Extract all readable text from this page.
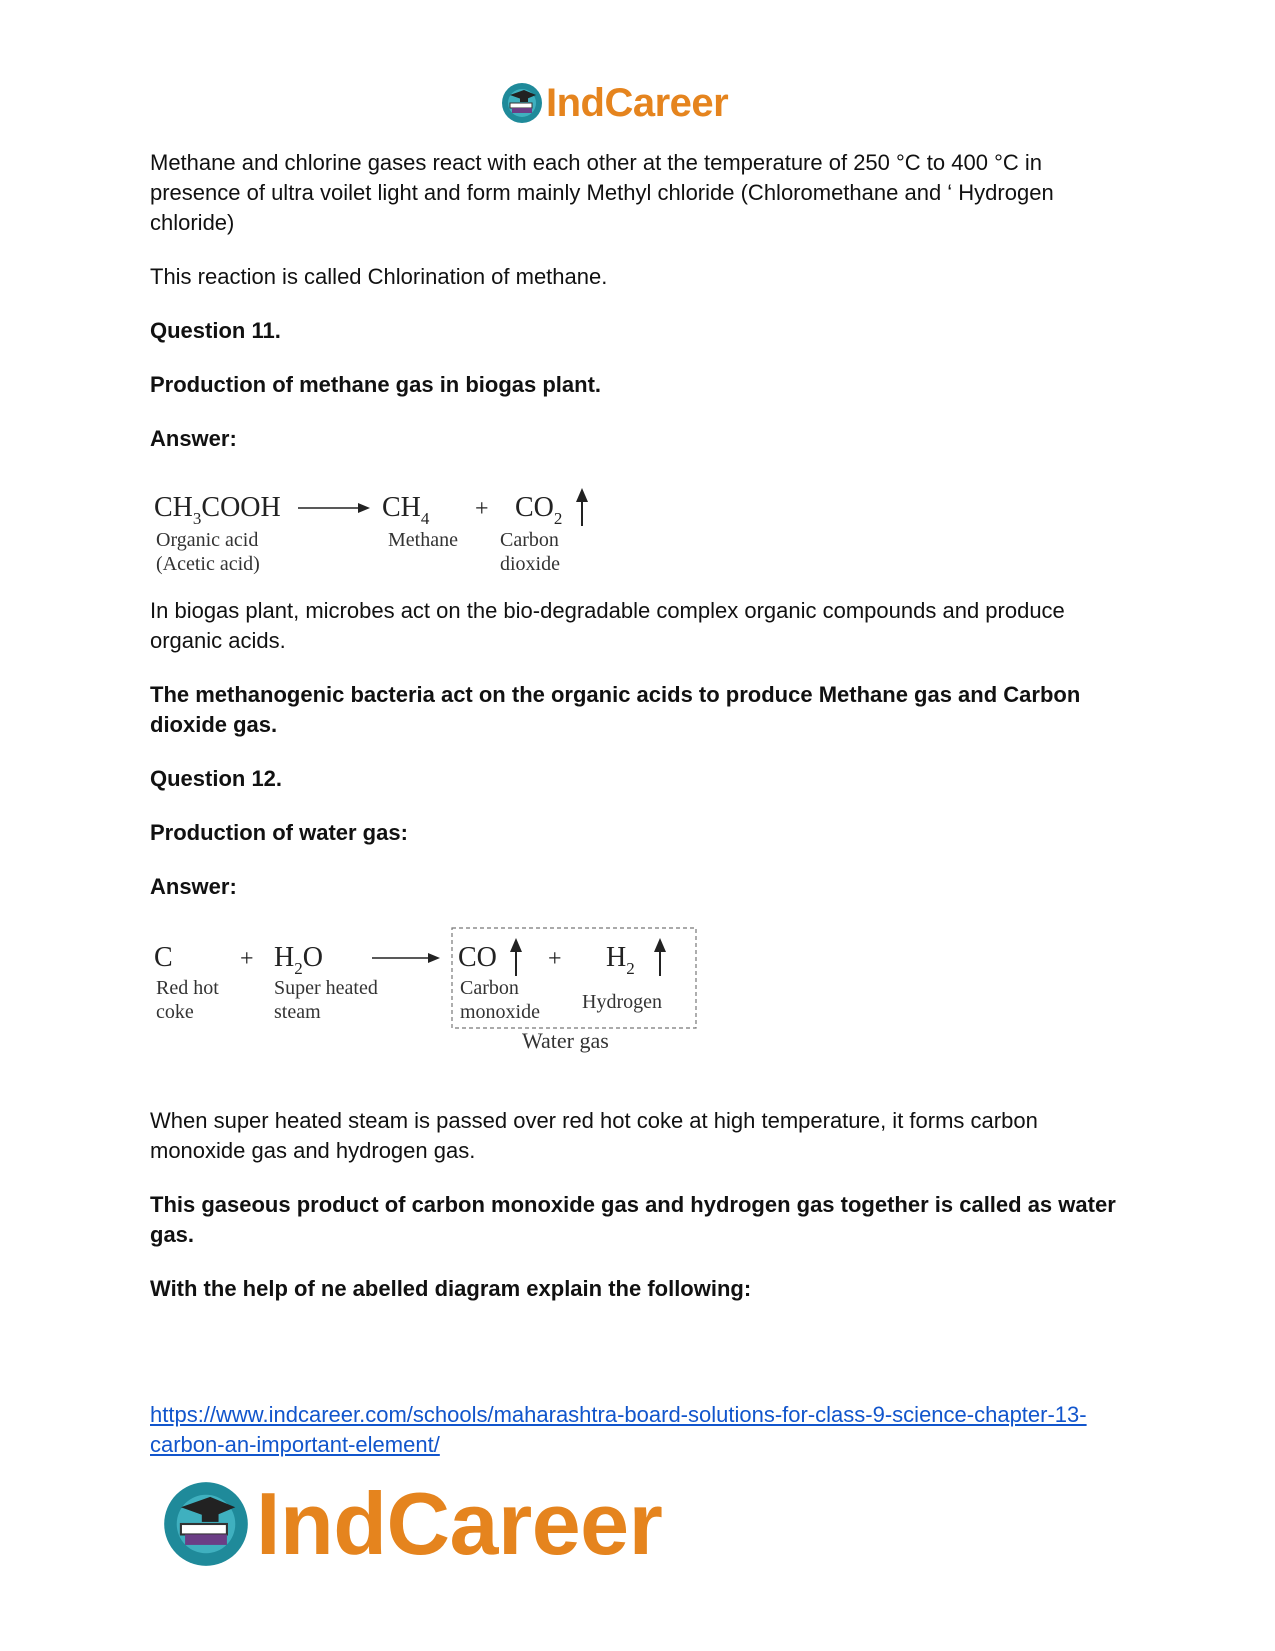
IndCareer

Methane and chlorine gases react with each other at the temperature of 250 °C to 400 °C in presence of ultra voilet light and form mainly Methyl chloride (Chloromethane and ‘ Hydrogen chloride)

This reaction is called Chlorination of methane.

Question 11.

Production of methane gas in biogas plant.

Answer:

$CH_3COOH$	$CH_4 + CO_2$
Organic acid
(Acetic acid)
Methane Carbon
dioxide

In biogas plant, microbes act on the bio-degradable complex organic compounds and produce organic acids.

The methanogenic bacteria act on the organic acids to produce Methane gas and Carbon dioxide gas.

Question 12.

Production of water gas:

Answer:

C	+ $H_2O$	CO + $H_2$
Red hot
coke
Super heated
steam
Carbon
monoxide Hydrogen
Water gas

When super heated steam is passed over red hot coke at high temperature, it forms carbon monoxide gas and hydrogen gas.

This gaseous product of carbon monoxide gas and hydrogen gas together is called as water gas.

With the help of ne abelled diagram explain the following:

https://www.indcareer.com/schools/maharashtra-board-solutions-for-class-9-science-chapter-13-carbon-an-important-element/
IndCareer
